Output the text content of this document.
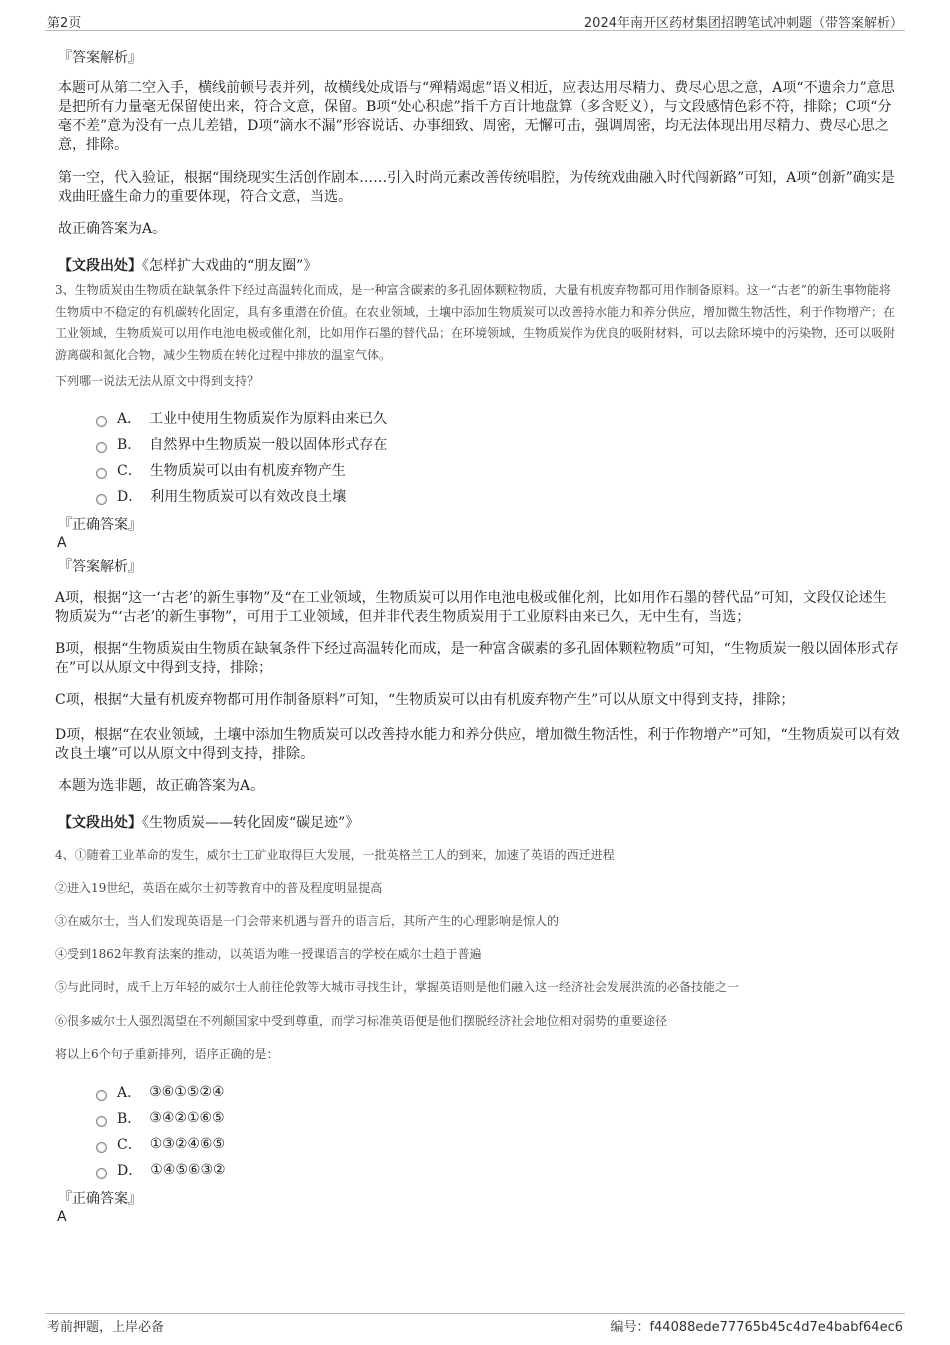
第2页	2024年南开区药材集团招聘笔试冲刺题（带答案解析）
『答案解析』
本题可从第二空入手，横线前顿号表并列，故横线处成语与“殚精竭虑”语义相近，应表达用尽精力、费尽心思之意，A项“不遗余力”意思是把所有力量毫无保留使出来，符合文意，保留。B项“处心积虑”指千方百计地盘算（多含贬义），与文段感情色彩不符，排除；C项“分毫不差”意为没有一点儿差错，D项“滴水不漏”形容说话、办事细致、周密，无懈可击，强调周密，均无法体现出用尽精力、费尽心思之意，排除。
第一空，代入验证，根据“围绕现实生活创作剧本……引入时尚元素改善传统唱腔，为传统戏曲融入时代闯新路”可知，A项“创新”确实是戏曲旺盛生命力的重要体现，符合文意，当选。
故正确答案为A。
【文段出处】《怎样扩大戏曲的“朋友圈”》
3、生物质炭由生物质在缺氧条件下经过高温转化而成，是一种富含碳素的多孔固体颗粒物质，大量有机废弃物都可用作制备原料。这一“古老”的新生事物能将生物质中不稳定的有机碳转化固定，具有多重潜在价值。在农业领域，土壤中添加生物质炭可以改善持水能力和养分供应，增加微生物活性，利于作物增产；在工业领域，生物质炭可以用作电池电极或催化剂，比如用作石墨的替代品；在环境领域，生物质炭作为优良的吸附材料，可以去除环境中的污染物，还可以吸附游离碳和氮化合物，减少生物质在转化过程中排放的温室气体。
下列哪一说法无法从原文中得到支持？
A． 工业中使用生物质炭作为原料由来已久
B． 自然界中生物质炭一般以固体形式存在
C． 生物质炭可以由有机废弃物产生
D． 利用生物质炭可以有效改良土壤
『正确答案』
A
『答案解析』
A项，根据“这一‘古老’的新生事物”及“在工业领域，生物质炭可以用作电池电极或催化剂，比如用作石墨的替代品”可知，文段仅论述生物质炭为“‘古老’的新生事物”，可用于工业领域，但并非代表生物质炭用于工业原料由来已久，无中生有，当选；
B项，根据“生物质炭由生物质在缺氧条件下经过高温转化而成，是一种富含碳素的多孔固体颗粒物质”可知，“生物质炭一般以固体形式存在”可以从原文中得到支持，排除；
C项，根据“大量有机废弃物都可用作制备原料”可知，“生物质炭可以由有机废弃物产生”可以从原文中得到支持，排除；
D项，根据“在农业领域，土壤中添加生物质炭可以改善持水能力和养分供应，增加微生物活性，利于作物增产”可知，“生物质炭可以有效改良土壤”可以从原文中得到支持，排除。
本题为选非题，故正确答案为A。
【文段出处】《生物质炭——转化固废“碳足迹”》
4、①随着工业革命的发生，威尔士工矿业取得巨大发展，一批英格兰工人的到来，加速了英语的西迁进程
②进入19世纪，英语在威尔士初等教育中的普及程度明显提高
③在威尔士，当人们发现英语是一门会带来机遇与晋升的语言后，其所产生的心理影响是惊人的
④受到1862年教育法案的推动，以英语为唯一授课语言的学校在威尔士趋于普遍
⑤与此同时，成千上万年轻的威尔士人前往伦敦等大城市寻找生计，掌握英语则是他们融入这一经济社会发展洪流的必备技能之一
⑥很多威尔士人强烈渴望在不列颠国家中受到尊重，而学习标准英语便是他们摆脱经济社会地位相对弱势的重要途径
将以上6个句子重新排列，语序正确的是：
A． ③⑥①⑤②④
B． ③④②①⑥⑤
C． ①③②④⑥⑤
D． ①④⑤⑥③②
『正确答案』
A
考前押题，上岸必备	编号：f44088ede77765b45c4d7e4babf64ec6
